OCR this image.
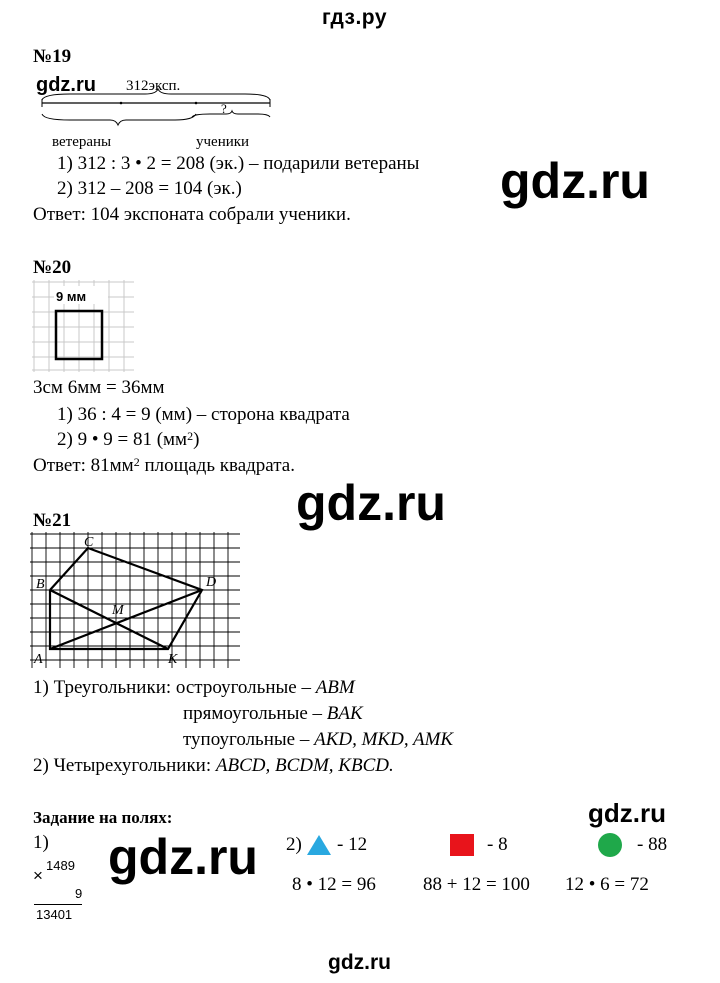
гдз.ру
gdz.ru
gdz.ru
gdz.ru
gdz.ru
gdz.ru
gdz.ru
№19
312эксп.
?
ветераны	ученики
1) 312 : 3 • 2 = 208 (эк.) – подарили ветераны
2) 312 – 208 = 104 (эк.)
Ответ: 104 экспоната собрали ученики.
№20
9 мм
3см 6мм = 36мм
1) 36 : 4 = 9 (мм) – сторона квадрата
2) 9 • 9 = 81 $(мм^2)$
Ответ: $81мм^2$ площадь квадрата.
№21
A
B
C
D
K
M
1) Треугольники: остроугольные – ABM
прямоугольные – BAK
тупоугольные – AKD, MKD, AMK
2) Четырехугольники: ABCD, BCDM, KBCD.
Задание на полях:
1)
×
1489
9
13401
2) - 12	- 8	- 88
8 • 12 = 96 88 + 12 = 100 12 • 6 = 72
